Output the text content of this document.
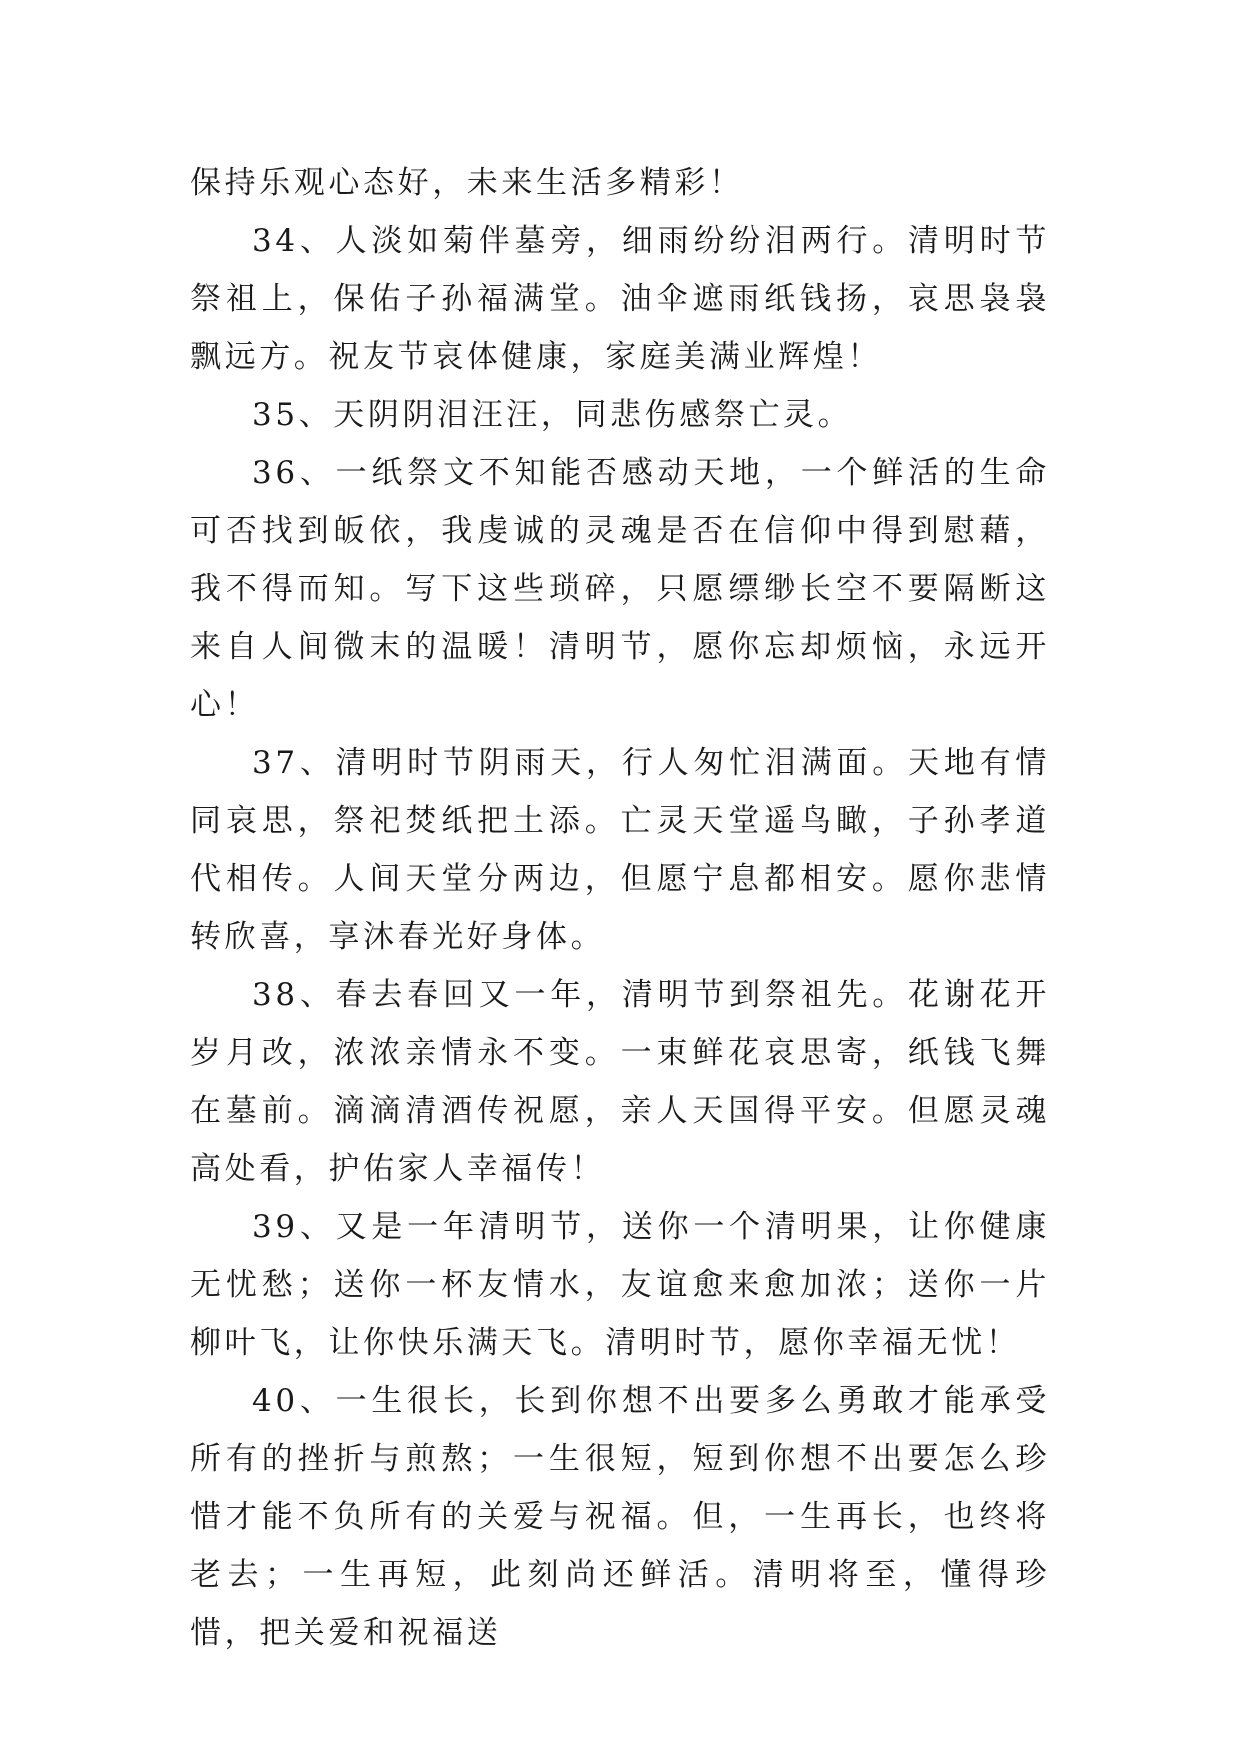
保持乐观心态好，未来生活多精彩！

34、人淡如菊伴墓旁，细雨纷纷泪两行。清明时节祭祖上，保佑子孙福满堂。油伞遮雨纸钱扬，哀思袅袅飘远方。祝友节哀体健康，家庭美满业辉煌！

35、天阴阴泪汪汪，同悲伤感祭亡灵。

36、一纸祭文不知能否感动天地，一个鲜活的生命可否找到皈依，我虔诚的灵魂是否在信仰中得到慰藉，我不得而知。写下这些琐碎，只愿缥缈长空不要隔断这来自人间微末的温暖！清明节，愿你忘却烦恼，永远开心！

37、清明时节阴雨天，行人匆忙泪满面。天地有情同哀思，祭祀焚纸把土添。亡灵天堂遥鸟瞰，子孙孝道代相传。人间天堂分两边，但愿宁息都相安。愿你悲情转欣喜，享沐春光好身体。

38、春去春回又一年，清明节到祭祖先。花谢花开岁月改，浓浓亲情永不变。一束鲜花哀思寄，纸钱飞舞在墓前。滴滴清酒传祝愿，亲人天国得平安。但愿灵魂高处看，护佑家人幸福传！

39、又是一年清明节，送你一个清明果，让你健康无忧愁；送你一杯友情水，友谊愈来愈加浓；送你一片柳叶飞，让你快乐满天飞。清明时节，愿你幸福无忧！

40、一生很长，长到你想不出要多么勇敢才能承受所有的挫折与煎熬；一生很短，短到你想不出要怎么珍惜才能不负所有的关爱与祝福。但，一生再长，也终将老去；一生再短，此刻尚还鲜活。清明将至，懂得珍惜，把关爱和祝福送
